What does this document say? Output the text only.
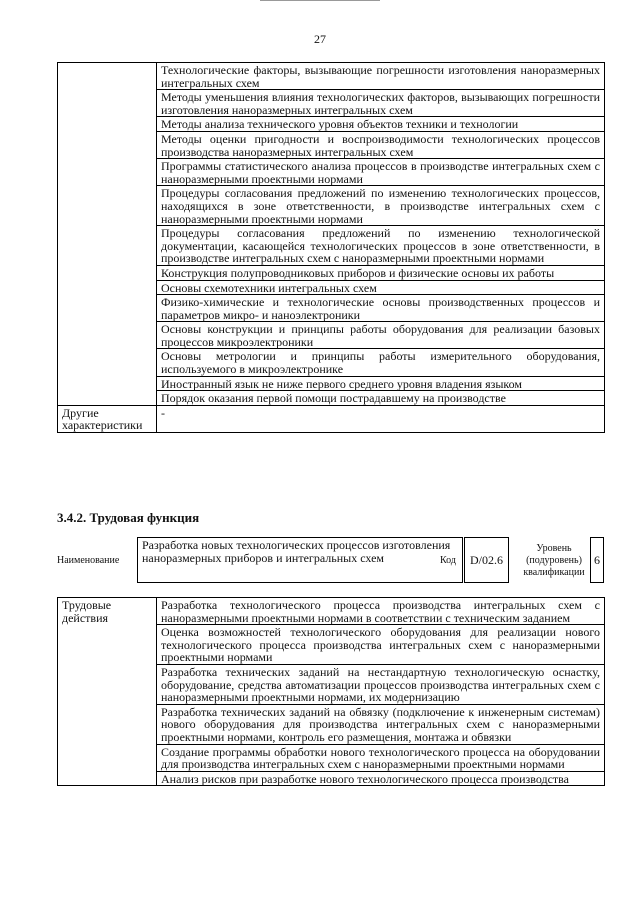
27
	Технологические факторы, вызывающие погрешности изготовления наноразмерных интегральных схем
	Методы уменьшения влияния технологических факторов, вызывающих погрешности изготовления наноразмерных интегральных схем
	Методы анализа технического уровня объектов техники и технологии
	Методы оценки пригодности и воспроизводимости технологических процессов производства наноразмерных интегральных схем
	Программы статистического анализа процессов в производстве интегральных схем с наноразмерными проектными нормами
	Процедуры согласования предложений по изменению технологических процессов, находящихся в зоне ответственности, в производстве интегральных схем с наноразмерными проектными нормами
	Процедуры согласования предложений по изменению технологической документации, касающейся технологических процессов в зоне ответственности, в производстве интегральных схем с наноразмерными проектными нормами
	Конструкция полупроводниковых приборов и физические основы их работы
	Основы схемотехники интегральных схем
	Физико-химические и технологические основы производственных процессов и параметров микро- и наноэлектроники
	Основы конструкции и принципы работы оборудования для реализации базовых процессов микроэлектроники
	Основы метрологии и принципы работы измерительного оборудования, используемого в микроэлектронике
	Иностранный язык не ниже первого среднего уровня владения языком
	Порядок оказания первой помощи пострадавшему на производстве
Другие характеристики	-
3.4.2. Трудовая функция
Наименование
Разработка новых технологических процессов изготовления наноразмерных приборов и интегральных схем	Код	D/02.6
Уровень (подуровень) квалификации
6
Трудовые действия	Разработка технологического процесса производства интегральных схем с наноразмерными проектными нормами в соответствии с техническим заданием
Оценка возможностей технологического оборудования для реализации нового технологического процесса производства интегральных схем с наноразмерными проектными нормами
Разработка технических заданий на нестандартную технологическую оснастку, оборудование, средства автоматизации процессов производства интегральных схем с наноразмерными проектными нормами, их модернизацию
Разработка технических заданий на обвязку (подключение к инженерным системам) нового оборудования для производства интегральных схем с наноразмерными проектными нормами, контроль его размещения, монтажа и обвязки
Создание программы обработки нового технологического процесса на оборудовании для производства интегральных схем с наноразмерными проектными нормами
Анализ рисков при разработке нового технологического процесса производства
